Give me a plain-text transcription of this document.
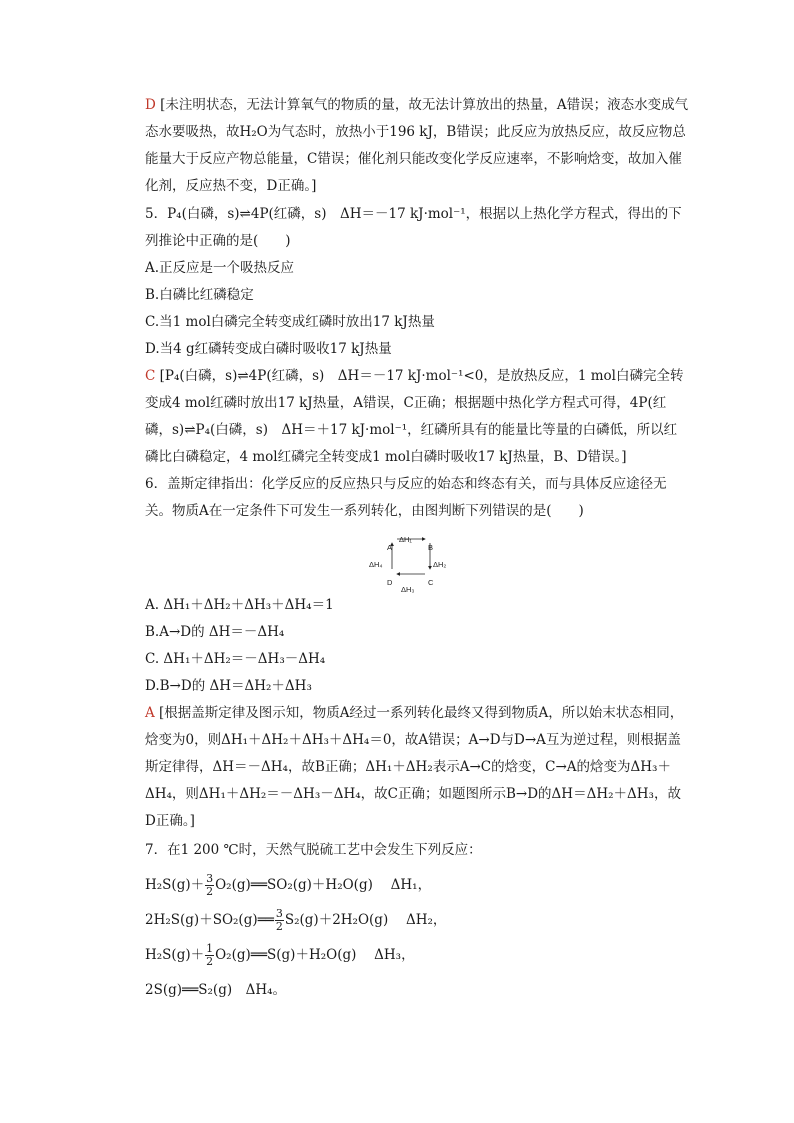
D [未注明状态，无法计算氧气的物质的量，故无法计算放出的热量，A错误；液态水变成气态水要吸热，故H₂O为气态时，放热小于196 kJ，B错误；此反应为放热反应，故反应物总能量大于反应产物总能量，C错误；催化剂只能改变化学反应速率，不影响焓变，故加入催化剂，反应热不变，D正确。]

5．P₄(白磷，s)⇌4P(红磷，s)　ΔH＝－17 kJ·mol⁻¹，根据以上热化学方程式，得出的下列推论中正确的是(　　)

A.正反应是一个吸热反应

B.白磷比红磷稳定

C.当1 mol白磷完全转变成红磷时放出17 kJ热量

D.当4 g红磷转变成白磷时吸收17 kJ热量

C [P₄(白磷，s)⇌4P(红磷，s)　ΔH＝－17 kJ·mol⁻¹<0，是放热反应，1 mol白磷完全转变成4 mol红磷时放出17 kJ热量，A错误，C正确；根据题中热化学方程式可得，4P(红磷，s)⇌P₄(白磷，s)　ΔH＝＋17 kJ·mol⁻¹，红磷所具有的能量比等量的白磷低，所以红磷比白磷稳定，4 mol红磷完全转变成1 mol白磷时吸收17 kJ热量，B、D错误。]

6．盖斯定律指出：化学反应的反应热只与反应的始态和终态有关，而与具体反应途径无关。物质A在一定条件下可发生一系列转化，由图判断下列错误的是(　　)

A	B
C
D
ΔH₁
ΔH₂
ΔH₃
ΔH₄

A. ΔH₁＋ΔH₂＋ΔH₃＋ΔH₄＝1

B.A→D的 ΔH＝－ΔH₄

C. ΔH₁＋ΔH₂＝－ΔH₃－ΔH₄

D.B→D的 ΔH＝ΔH₂＋ΔH₃

A [根据盖斯定律及图示知，物质A经过一系列转化最终又得到物质A，所以始末状态相同，焓变为0，则ΔH₁＋ΔH₂＋ΔH₃＋ΔH₄＝0，故A错误；A→D与D→A互为逆过程，则根据盖斯定律得，ΔH＝－ΔH₄，故B正确；ΔH₁＋ΔH₂表示A→C的焓变，C→A的焓变为ΔH₃＋ΔH₄，则ΔH₁＋ΔH₂＝－ΔH₃－ΔH₄，故C正确；如题图所示B→D的ΔH＝ΔH₂＋ΔH₃，故D正确。]

7．在1 200 ℃时，天然气脱硫工艺中会发生下列反应：

$H_2S(g)+ \frac{3}{2}$ O₂(g)══SO₂(g)＋H₂O(g)　 ΔH₁，

2H₂S(g)＋SO₂(g)══ $\frac{3}{2} S_2(g)+2H_2O(g)$　 ΔH₂，

$H_2S(g)+ \frac{1}{2}$ O₂(g)══S(g)＋H₂O(g)　 ΔH₃，

2S(g)══S₂(g)　ΔH₄。
